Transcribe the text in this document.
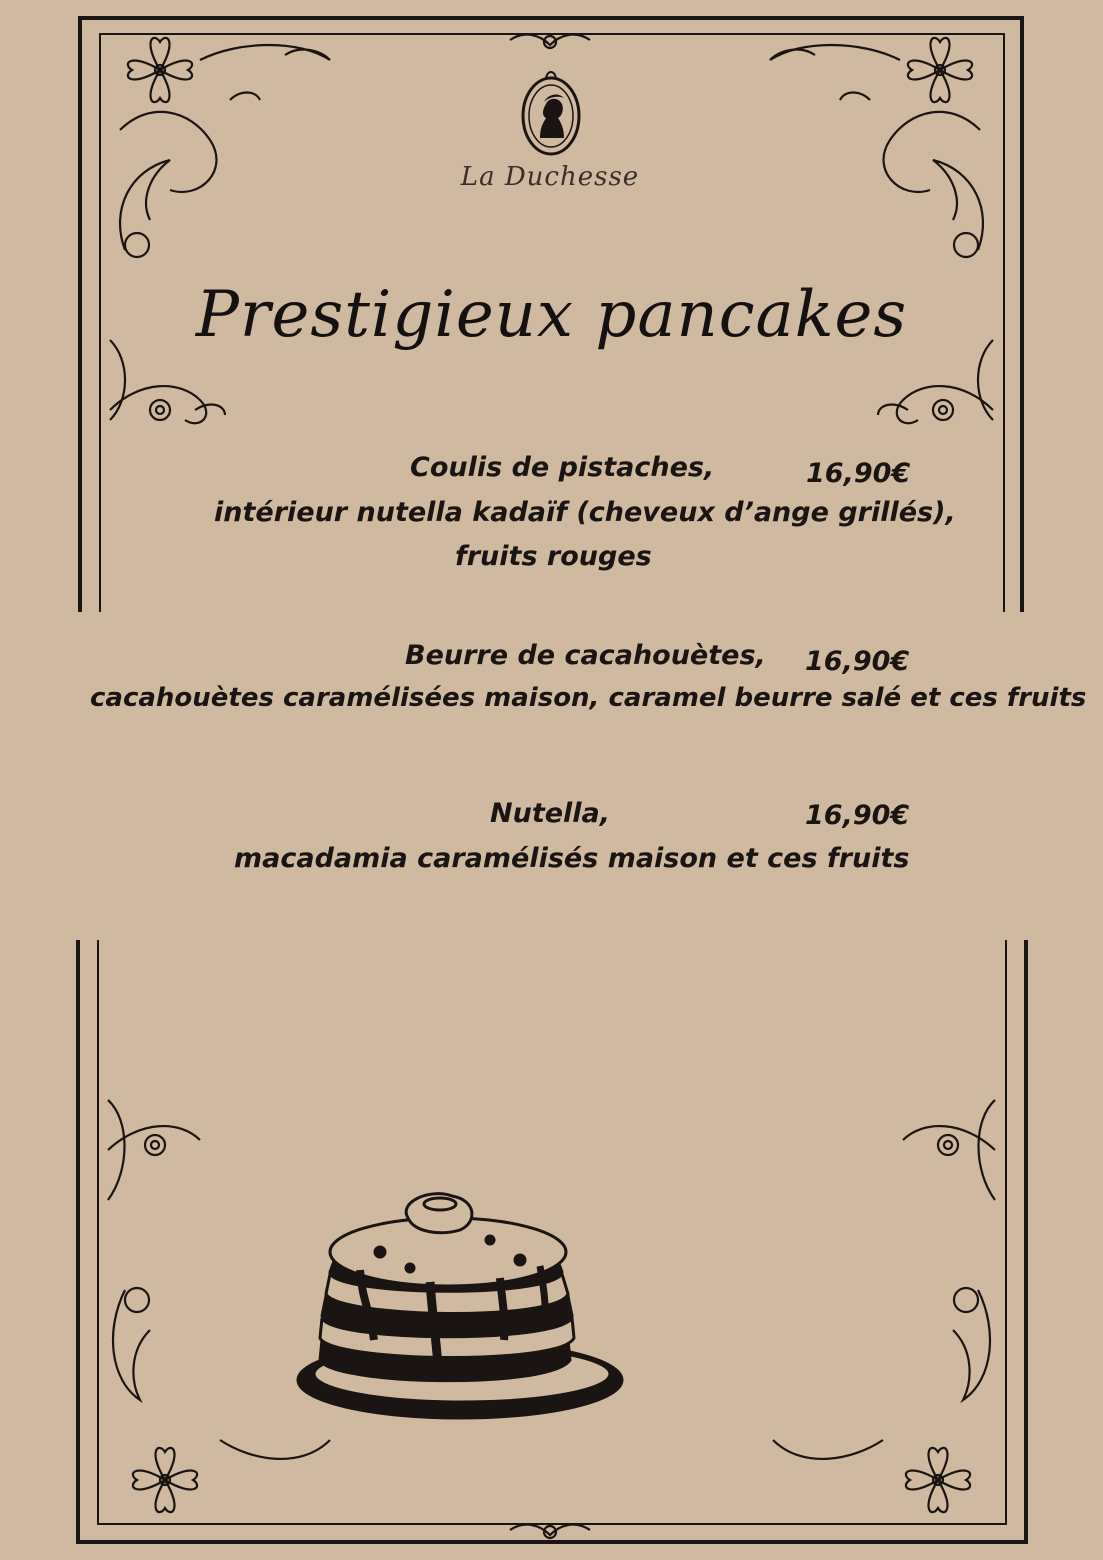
La Duchesse
Prestigieux pancakes
Coulis de pistaches,	16,90€
intérieur nutella kadaïf (cheveux d’ange grillés),
fruits rouges
Beurre de cacahouètes, 16,90€
cacahouètes caramélisées maison, caramel beurre salé et ces fruits
Nutella,	16,90€
macadamia caramélisés maison et ces fruits
